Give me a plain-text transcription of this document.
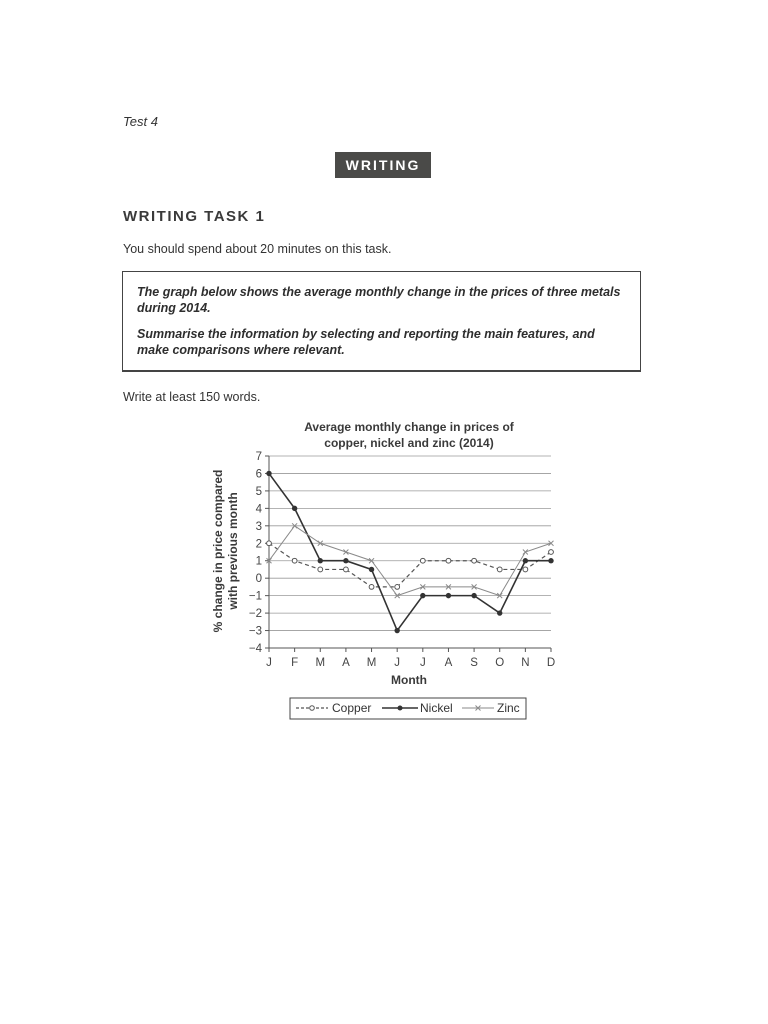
Test 4
WRITING
WRITING TASK 1
You should spend about 20 minutes on this task.

The graph below shows the average monthly change in the prices of three metals during 2014.

Summarise the information by selecting and reporting the main features, and make comparisons where relevant.

Write at least 150 words.
Average monthly change in prices of
copper, nickel and zinc (2014)
% change in price compared with previous month
Month
−4
−3
−2
−1
0
1
2
3
4
5
6
7
J F M A M J J A S O N D
Copper	Nickel	Zinc
